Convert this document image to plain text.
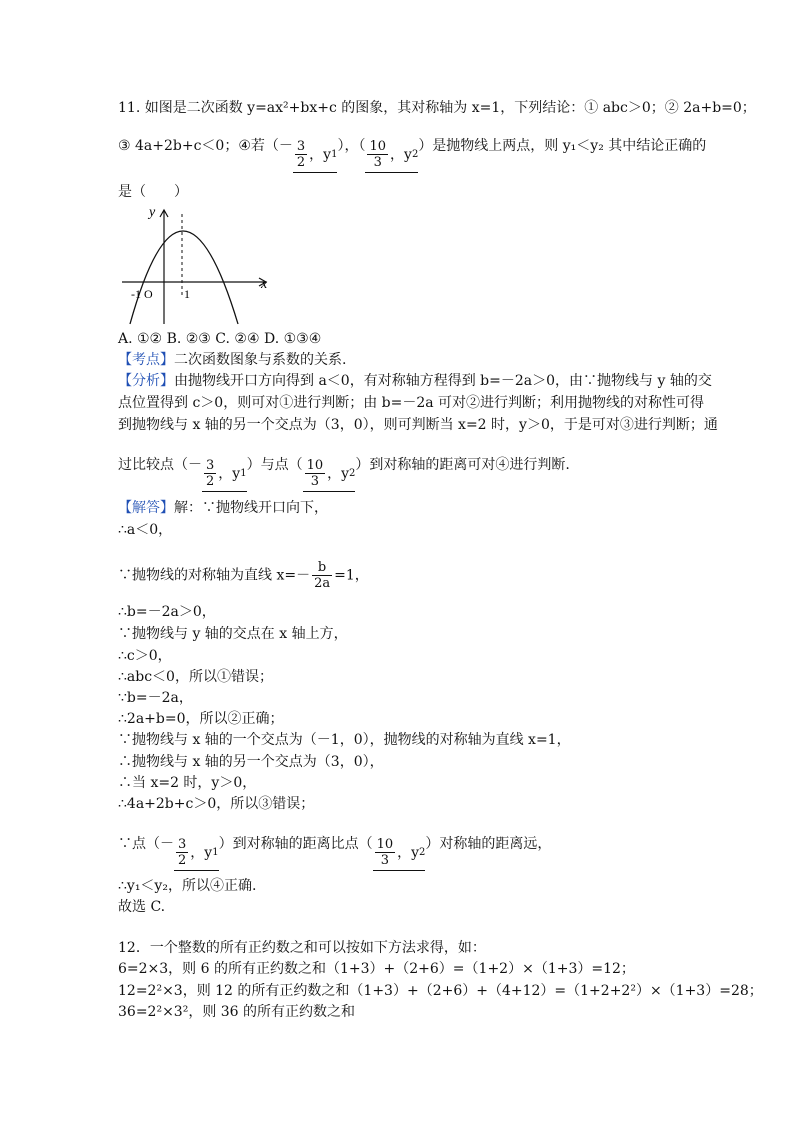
11. 如图是二次函数 y=ax²+bx+c 的图象，其对称轴为 x=1，下列结论：① abc＞0；② 2a+b=0；
③ 4a+2b+c＜0；④若（－ $\frac{3}{2}$ ，y 1 ），（ $\frac{10}{3}$ ，y 2 ）是抛物线上两点，则 y₁＜y₂ 其中结论正确的
是（　　）
y
x
-1 O	1
A. ①② B. ②③ C. ②④ D. ①③④
【考点】二次函数图象与系数的关系.
【分析】由抛物线开口方向得到 a＜0，有对称轴方程得到 b=－2a＞0，由∵抛物线与 y 轴的交
点位置得到 c＞0，则可对①进行判断；由 b=－2a 可对②进行判断；利用抛物线的对称性可得
到抛物线与 x 轴的另一个交点为（3，0），则可判断当 x=2 时，y＞0，于是可对③进行判断；通
过比较点（－ $\frac{3}{2}$ ，y 1 ）与点（ $\frac{10}{3}$ ，y 2 ）到对称轴的距离可对④进行判断.
【解答】解：∵抛物线开口向下，
∴a＜0，
∵抛物线的对称轴为直线 $x=- \frac{b}{2a} =1$，
∴b=－2a＞0，
∵抛物线与 y 轴的交点在 x 轴上方，
∴c＞0，
∴abc＜0，所以①错误；
∵b=－2a，
∴2a+b=0，所以②正确；
∵抛物线与 x 轴的一个交点为（－1，0），抛物线的对称轴为直线 x=1，
∴抛物线与 x 轴的另一个交点为（3，0），
∴当 x=2 时，y＞0，
∴4a+2b+c＞0，所以③错误；
∵点（－ $\frac{3}{2}$ ，y 1 ）到对称轴的距离比点（ $\frac{10}{3}$ ，y 2 ）对称轴的距离远，
∴y₁＜y₂，所以④正确.
故选 C.
12．一个整数的所有正约数之和可以按如下方法求得，如：
6=2×3，则 6 的所有正约数之和（1+3）+（2+6）=（1+2）×（1+3）=12；
12=2²×3，则 12 的所有正约数之和（1+3）+（2+6）+（4+12）=（1+2+2²）×（1+3）=28；
36=2²×3²，则 36 的所有正约数之和
